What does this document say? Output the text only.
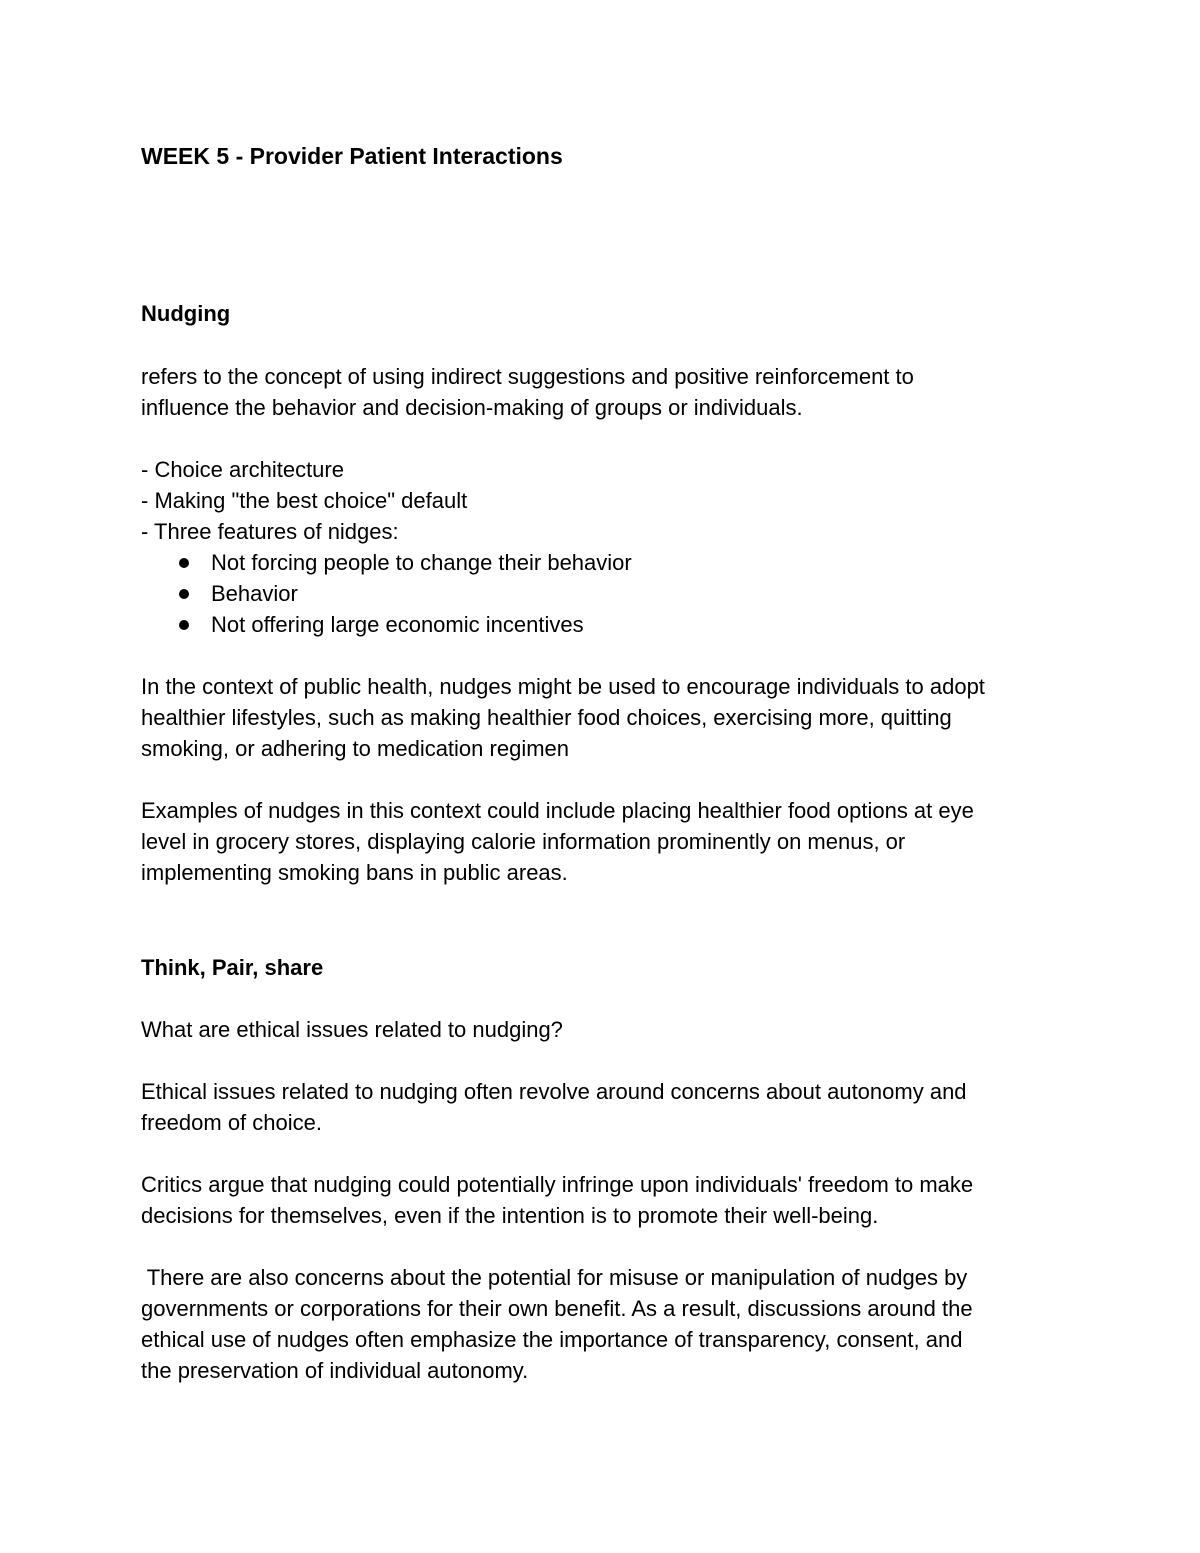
WEEK 5 - Provider Patient Interactions

Nudging

refers to the concept of using indirect suggestions and positive reinforcement to

influence the behavior and decision-making of groups or individuals.

- Choice architecture

- Making "the best choice" default

- Three features of nidges:

Not forcing people to change their behavior
Behavior
Not offering large economic incentives

In the context of public health, nudges might be used to encourage individuals to adopt

healthier lifestyles, such as making healthier food choices, exercising more, quitting

smoking, or adhering to medication regimen

Examples of nudges in this context could include placing healthier food options at eye

level in grocery stores, displaying calorie information prominently on menus, or

implementing smoking bans in public areas.

Think, Pair, share

What are ethical issues related to nudging?

Ethical issues related to nudging often revolve around concerns about autonomy and

freedom of choice.

Critics argue that nudging could potentially infringe upon individuals' freedom to make

decisions for themselves, even if the intention is to promote their well-being.

There are also concerns about the potential for misuse or manipulation of nudges by

governments or corporations for their own benefit. As a result, discussions around the

ethical use of nudges often emphasize the importance of transparency, consent, and

the preservation of individual autonomy.
